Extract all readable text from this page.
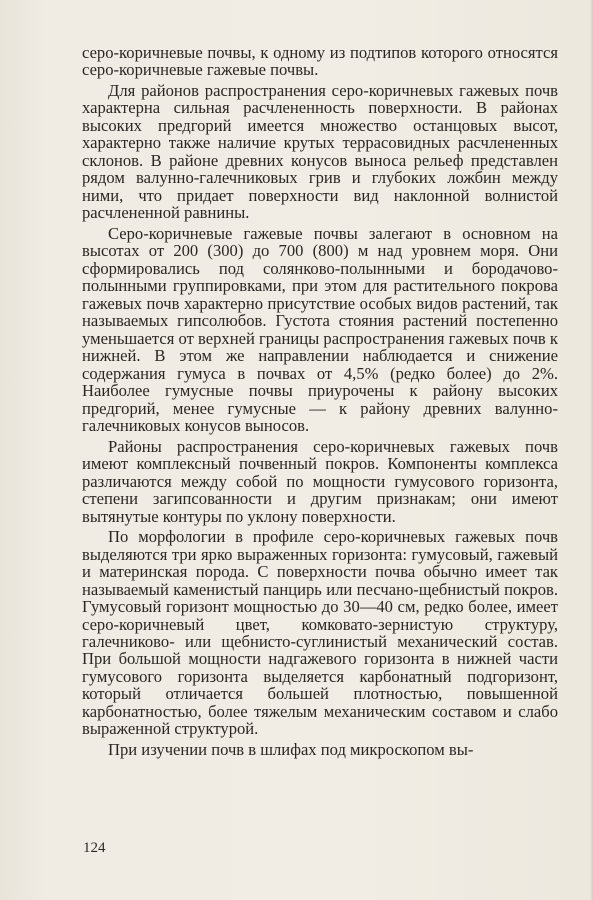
серо-коричневые почвы, к одному из подтипов которого относятся серо-коричневые гажевые почвы.

Для районов распространения серо-коричневых гажевых почв характерна сильная расчлененность поверхности. В районах высоких предгорий имеется множество останцовых высот, характерно также наличие крутых террасовидных расчлененных склонов. В районе древних конусов выноса рельеф представлен рядом валунно-галечниковых грив и глубоких ложбин между ними, что придает поверхности вид наклонной волнистой расчлененной равнины.

Серо-коричневые гажевые почвы залегают в основном на высотах от 200 (300) до 700 (800) м над уровнем моря. Они сформировались под солянково-полынными и бородачово-полынными группировками, при этом для растительного покрова гажевых почв характерно присутствие особых видов растений, так называемых гипсолюбов. Густота стояния растений постепенно уменьшается от верхней границы распространения гажевых почв к нижней. В этом же направлении наблюдается и снижение содержания гумуса в почвах от 4,5% (редко более) до 2%. Наиболее гумусные почвы приурочены к району высоких предгорий, менее гумусные — к району древних валунно-галечниковых конусов выносов.

Районы распространения серо-коричневых гажевых почв имеют комплексный почвенный покров. Компоненты комплекса различаются между собой по мощности гумусового горизонта, степени загипсованности и другим признакам; они имеют вытянутые контуры по уклону поверхности.

По морфологии в профиле серо-коричневых гажевых почв выделяются три ярко выраженных горизонта: гумусовый, гажевый и материнская порода. С поверхности почва обычно имеет так называемый каменистый панцирь или песчано-щебнистый покров. Гумусовый горизонт мощностью до 30—40 см, редко более, имеет серо-коричневый цвет, комковато-зернистую структуру, галечниково- или щебнисто-суглинистый механический состав. При большой мощности надгажевого горизонта в нижней части гумусового горизонта выделяется карбонатный подгоризонт, который отличается большей плотностью, повышенной карбонатностью, более тяжелым механическим составом и слабо выраженной структурой.

При изучении почв в шлифах под микроскопом вы-

124
